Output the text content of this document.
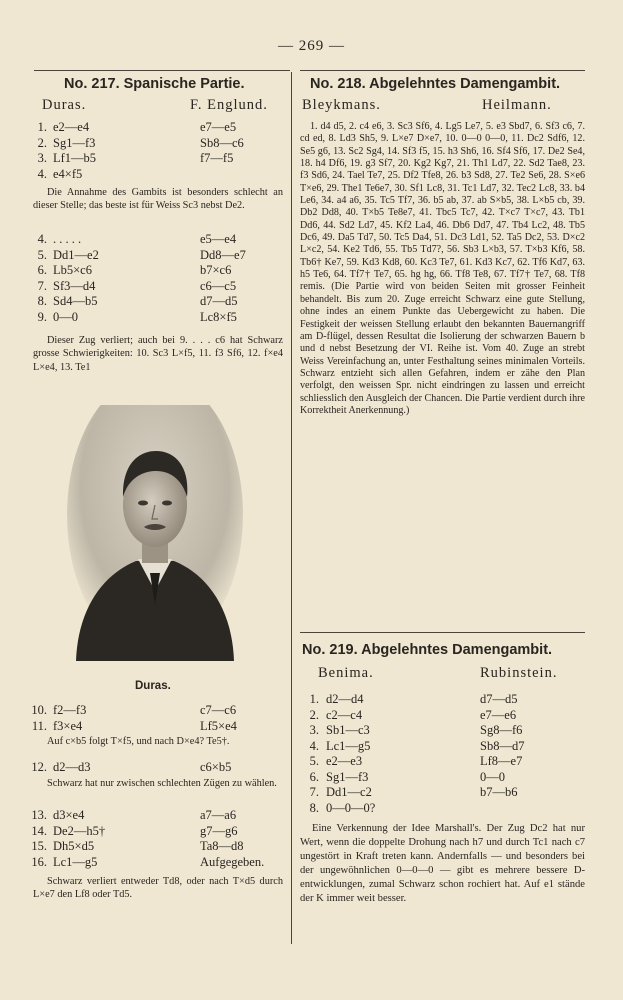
— 269 —
No. 217. Spanische Partie.
Duras.	F. Englund.
1. e2—e4	e7—e5
2. Sg1—f3	Sb8—c6
3. Lf1—b5	f7—f5
4. e4×f5
Die Annahme des Gambits ist besonders schlecht an dieser Stelle; das beste ist für Weiss Sc3 nebst De2.
4. . . . . .	e5—e4
5. Dd1—e2	Dd8—e7
6. Lb5×c6	b7×c6
7. Sf3—d4	c6—c5
8. Sd4—b5	d7—d5
9. 0—0	Lc8×f5
Dieser Zug verliert; auch bei 9. . . . c6 hat Schwarz grosse Schwierigkeiten: 10. Sc3 L×f5, 11. f3 Sf6, 12. f×e4 L×e4, 13. Te1
Duras.
10. f2—f3	c7—c6
11. f3×e4	Lf5×e4
Auf c×b5 folgt T×f5, und nach D×e4? Te5†.
12. d2—d3	c6×b5
Schwarz hat nur zwischen schlechten Zügen zu wählen.
13. d3×e4	a7—a6
14. De2—h5†	g7—g6
15. Dh5×d5	Ta8—d8
16. Lc1—g5	Aufgegeben.
Schwarz verliert entweder Td8, oder nach T×d5 durch L×e7 den Lf8 oder Td5.
No. 218. Abgelehntes Damengambit.
Bleykmans.	Heilmann.
1. d4 d5, 2. c4 e6, 3. Sc3 Sf6, 4. Lg5 Le7, 5. e3 Sbd7, 6. Sf3 c6, 7. cd ed, 8. Ld3 Sh5, 9. L×e7 D×e7, 10. 0—0 0—0, 11. Dc2 Sdf6, 12. Se5 g6, 13. Sc2 Sg4, 14. Sf3 f5, 15. h3 Sh6, 16. Sf4 Sf6, 17. De2 Se4, 18. h4 Df6, 19. g3 Sf7, 20. Kg2 Kg7, 21. Th1 Ld7, 22. Sd2 Tae8, 23. f3 Sd6, 24. Tael Te7, 25. Df2 Tfe8, 26. b3 Sd8, 27. Te2 Se6, 28. S×e6 T×e6, 29. The1 Te6e7, 30. Sf1 Lc8, 31. Tc1 Ld7, 32. Tec2 Lc8, 33. b4 Le6, 34. a4 a6, 35. Tc5 Tf7, 36. b5 ab, 37. ab S×b5, 38. L×b5 cb, 39. Db2 Dd8, 40. T×b5 Te8e7, 41. Tbc5 Tc7, 42. T×c7 T×c7, 43. Tb1 Dd6, 44. Sd2 Ld7, 45. Kf2 La4, 46. Db6 Dd7, 47. Tb4 Lc2, 48. Tb5 Dc6, 49. Da5 Td7, 50. Tc5 Da4, 51. Dc3 Ld1, 52. Ta5 Dc2, 53. D×c2 L×c2, 54. Ke2 Td6, 55. Tb5 Td7?, 56. Sb3 L×b3, 57. T×b3 Kf6, 58. Tb6† Ke7, 59. Kd3 Kd8, 60. Kc3 Te7, 61. Kd3 Kc7, 62. Tf6 Kd7, 63. h5 Te6, 64. Tf7† Te7, 65. hg hg, 66. Tf8 Te8, 67. Tf7† Te7, 68. Tf8 remis. (Die Partie wird von beiden Seiten mit grosser Feinheit behandelt. Bis zum 20. Zuge erreicht Schwarz eine gute Stellung, ohne indes an einem Punkte das Uebergewicht zu haben. Die Festigkeit der weissen Stellung erlaubt den bekannten Bauernangriff am D-flügel, dessen Resultat die Isolierung der schwarzen Bauern b und d nebst Besetzung der VI. Reihe ist. Vom 40. Zuge an strebt Weiss Vereinfachung an, unter Festhaltung seines minimalen Vorteils. Schwarz entzieht sich allen Gefahren, indem er zähe den Plan verfolgt, den weissen Spr. nicht eindringen zu lassen und erreicht schliesslich den Ausgleich der Chancen. Die Partie verdient durch ihre Korrektheit Anerkennung.)
No. 219. Abgelehntes Damengambit.
Benima.	Rubinstein.
1. d2—d4	d7—d5
2. c2—c4	e7—e6
3. Sb1—c3	Sg8—f6
4. Lc1—g5	Sb8—d7
5. e2—e3	Lf8—e7
6. Sg1—f3	0—0
7. Dd1—c2	b7—b6
8. 0—0—0?
Eine Verkennung der Idee Marshall's. Der Zug Dc2 hat nur Wert, wenn die doppelte Drohung nach h7 und durch Tc1 nach c7 ungestört in Kraft treten kann. Andernfalls — und besonders bei der ungewöhnlichen 0—0—0 — gibt es mehrere bessere D-entwicklungen, zumal Schwarz schon rochiert hat. Auf e1 stände der K immer weit besser.
